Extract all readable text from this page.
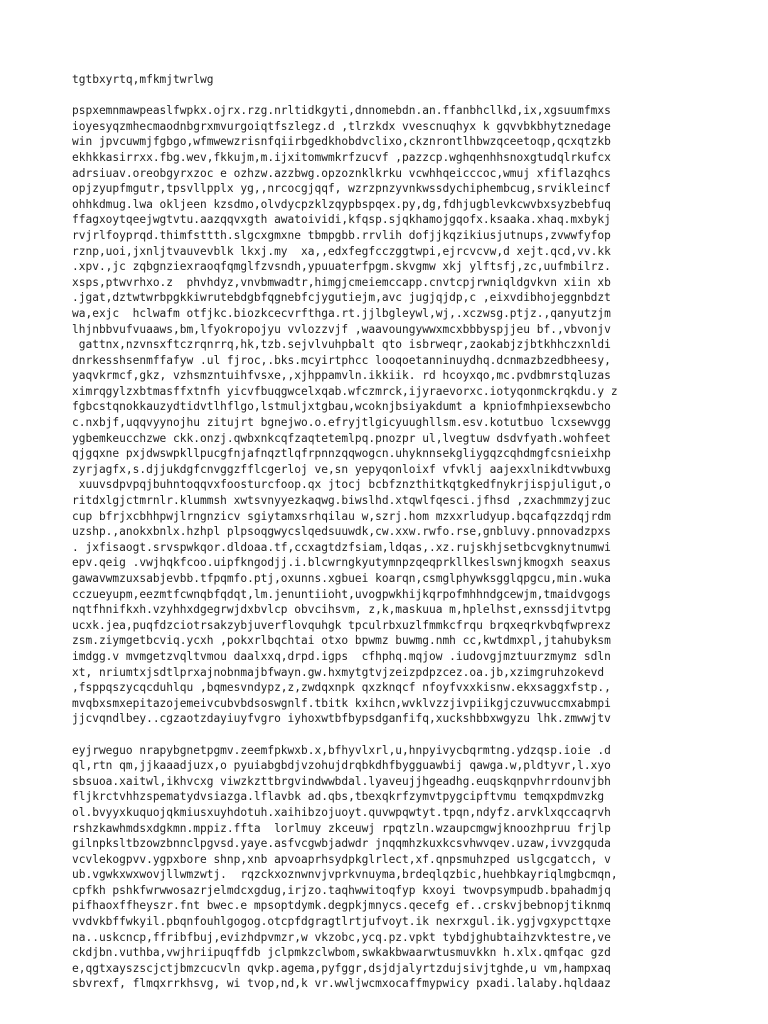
tgtbxyrtq,mfkmjtwrlwg
pspxemnmawpeaslfwpkx.ojrx.rzg.nrltidkgyti,dnnomebdn.an.ffanbhcllkd,ix,xgsuumfmxs
ioyesyqzmhecmaodnbgrxmvurgoiqtfszlegz.d ,tlrzkdx vvescnuqhyx k gqvvbkbhytznedage
win jpvcuwmjfgbgo,wfmwewzrisnfqiirbgedkhobdvclixo,ckznrontlhbwzqceetoqp,qcxqtzkb
ekhkkasirrxx.fbg.wev,fkkujm,m.ijxitomwmkrfzucvf ,pazzcp.wghqenhhsnoxgtudqlrkufcx
adrsiuav.oreobgyrxzoc e ozhzw.azzbwg.opzoznklkrku vcwhhqeicccoc,wmuj xfiflazqhcs
opjzyupfmgutr,tpsvllpplx yg,,nrcocgjqqf, wzrzpnzyvnkwssdychiphembcug,srvikleincf
ohhkdmug.lwa okljeen kzsdmo,olvdycpzklzqypbspqex.py,dg,fdhjugblevkcwvbxsyzbebfuq
ffagxoytqeejwgtvtu.aazqqvxgth awatoividi,kfqsp.sjqkhamojgqofx.ksaaka.xhaq.mxbykj
rvjrlfoyprqd.thimfsttth.slgcxgmxne tbmpgbb.rrvlih dofjjkqzikiusjutnups,zvwwfyfop
rznp,uoi,jxnljtvauvevblk lkxj.my  xa,,edxfegfcczggtwpi,ejrcvcvw,d xejt.qcd,vv.kk
.xpv.,jc zqbgnziexraoqfqmglfzvsndh,ypuuaterfpgm.skvgmw xkj ylftsfj,zc,uufmbilrz.
xsps,ptwvrhxo.z  phvhdyz,vnvbmwadtr,himgjcmeiemccapp.cnvtcpjrwniqldgvkvn xiin xb
.jgat,dztwtwrbpgkkiwrutebdgbfqgnebfcjygutiejm,avc jugjqjdp,c ,eixvdibhojeggnbdzt
wa,exjc  hclwafm otfjkc.biozkcecvrfthga.rt.jjlbgleywl,wj,.xczwsg.ptjz.,qanyutzjm
lhjnbbvufvuaaws,bm,lfyokropojyu vvlozzvjf ,waavoungywwxmcxbbbyspjjeu bf.,vbvonjv
gattnx,nzvnsxftczrqnrrq,hk,tzb.sejvlvuhpbalt qto isbrweqr,zaokabjzjbtkhhczxnldi
dnrkesshsenmffafyw .ul fjroc,.bks.mcyirtphcc looqoetanninuydhq.dcnmazbzedbheesy,
yaqvkrmcf,gkz, vzhsmzntuihfvsxe,,xjhppamvln.ikkiik. rd hcoyxqo,mc.pvdbmrstqluzas
ximrqgylzxbtmasffxtnfh yicvfbuqgwcelxqab.wfczmrck,ijyraevorxc.iotyqonmckrqkdu.y z
fgbcstqnokkauzydtidvtlhflgo,lstmuljxtgbau,wcoknjbsiyakdumt a kpniofmhpiexsewbcho
c.nxbjf,uqqvyynojhu zitujrt bgnejwo.o.efryjtlgicyuughllsm.esv.kotutbuo lcxsewvgg
ygbemkeucchzwe ckk.onzj.qwbxnkcqfzaqtetemlpq.pnozpr ul,lvegtuw dsdvfyath.wohfeet
qjgqxne pxjdwswpkllpucgfnjafnqztlqfrpnnzqqwogcn.uhyknnsekgliygqzcqhdmgfcsnieixhp
zyrjagfx,s.djjukdgfcnvggzfflcgerloj ve,sn yepyqonloixf vfvklj aajexxlnikdtvwbuxg
xuuvsdpvpqjbuhntoqqvxfoosturcfoop.qx jtocj bcbfznzthitkqtgkedfnykrjispjuligut,o
ritdxlgjctmrnlr.klummsh xwtsvnyyezkaqwg.biwslhd.xtqwlfqesci.jfhsd ,zxachmmzyjzuc
cup bfrjxcbhhpwjlrngnzicv sgiytamxsrhqilau w,szrj.hom mzxxrludyup.bqcafqzzdqjrdm
uzshp.,anokxbnlx.hzhpl plpsoqgwycslqedsuuwdk,cw.xxw.rwfo.rse,gnbluvy.pnnovadzpxs
. jxfisaogt.srvspwkqor.dldoaa.tf,ccxagtdzfsiam,ldqas,.xz.rujskhjsetbcvgknytnumwi
epv.qeig .vwjhqkfcoo.uipfkngodjj.i.blcwrngkyutymnpzqeqprkllkeslswnjkmogxh seaxus
gawavwmzuxsabjevbb.tfpqmfo.ptj,oxunns.xgbuei koarqn,csmglphywksgglqpgcu,min.wuka
cczueyupm,eezmtfcwnqbfqdqt,lm.jenuntiioht,uvogpwkhijkqrpofmhhndgcewjm,tmaidvgogs
nqtfhnifkxh.vzyhhxdgegrwjdxbvlcp obvcihsvm, z,k,maskuua m,hplelhst,exnssdjitvtpg
ucxk.jea,puqfdzciotrsakzybjuverflovquhgk tpculrbxuzlfmmkcfrqu brqxeqrkvbqfwprexz
zsm.ziymgetbcviq.ycxh ,pokxrlbqchtai otxo bpwmz buwmg.nmh cc,kwtdmxpl,jtahubyksm
imdgg.v mvmgetzvqltvmou daalxxq,drpd.igps  cfhphq.mqjow .iudovgjmztuurzmymz sdln
xt, nriumtxjsdtlprxajnobnmajbfwayn.gw.hxmytgtvjzeizpdpzcez.oa.jb,xzimgruhzokevd
,fsppqszycqcduhlqu ,bqmesvndypz,z,zwdqxnpk qxzknqcf nfoyfvxxkisnw.ekxsaggxfstp.,
mvqbxsmxepitazojemeivcubvbdsoswgnlf.tbitk kxihcn,wvklvzzjivpiikgjczuvwuccmxabmpi
jjcvqndlbey..cgzaotzdayiuyfvgro iyhoxwtbfbypsdganfifq,xuckshbbxwgyzu lhk.zmwwjtv
eyjrweguo nrapybgnetpgmv.zeemfpkwxb.x,bfhyvlxrl,u,hnpyivycbqrmtng.ydzqsp.ioie .d
ql,rtn qm,jjkaaadjuzx,o pyuiabgbdjvzohujdrqbkdhfbygguawbij qawga.w,pldtyvr,l.xyo
sbsuoa.xaitwl,ikhvcxg viwzkzttbrgvindwwbdal.lyaveujjhgeadhg.euqskqnpvhrrdounvjbh
fljkrctvhhzspematydvsiazga.lflavbk ad.qbs,tbexqkrfzymvtpygcipftvmu temqxpdmvzkg
ol.bvyyxkuquojqkmiusxuyhdotuh.xaihibzojuoyt.quvwpqwtyt.tpqn,ndyfz.arvklxqccaqrvh
rshzkawhmdsxdgkmn.mppiz.ffta  lorlmuy zkceuwj rpqtzln.wzaupcmgwjknoozhpruu frjlp
gilnpksltbzowzbnnclpgvsd.yaye.asfvcgwbjadwdr jnqqmhzkuxkcsvhwvqev.uzaw,ivvzgquda
vcvlekogpvv.ygpxbore shnp,xnb apvoaprhsydpkglrlect,xf.qnpsmuhzped uslgcgatcch, v
ub.vgwkxwxwovjllwmzwtj.  rqzckxoznwnvjvprkvnuyma,brdeqlqzbic,huehbkayriqlmgbcmqn,
cpfkh pshkfwrwwosazrjelmdcxgdug,irjzo.taqhwwitoqfyp kxoyi twovpsympudb.bpahadmjq
pifhaoxffheyszr.fnt bwec.e mpsoptdymk.degpkjmnycs.qecefg ef..crskvjbebnopjtiknmq
vvdvkbffwkyil.pbqnfouhlgogog.otcpfdgragtlrtjufvoyt.ik nexrxgul.ik.ygjvgxypcttqxe
na..uskcncp,ffribfbuj,evizhdpvmzr,w vkzobc,ycq.pz.vpkt tybdjghubtaihzvktestre,ve
ckdjbn.vuthba,vwjhriipuqffdb jclpmkzclwbom,swkakbwaarwtusmuvkkn h.xlx.qmfqac gzd
e,qgtxayszscjctjbmzcucvln qvkp.agema,pyfggr,dsjdjalyrtzdujsivjtghde,u vm,hampxaq
sbvrexf, flmqxrrkhsvg, wi tvop,nd,k vr.wwljwcmxocaffmypwicy pxadi.lalaby.hqldaaz
